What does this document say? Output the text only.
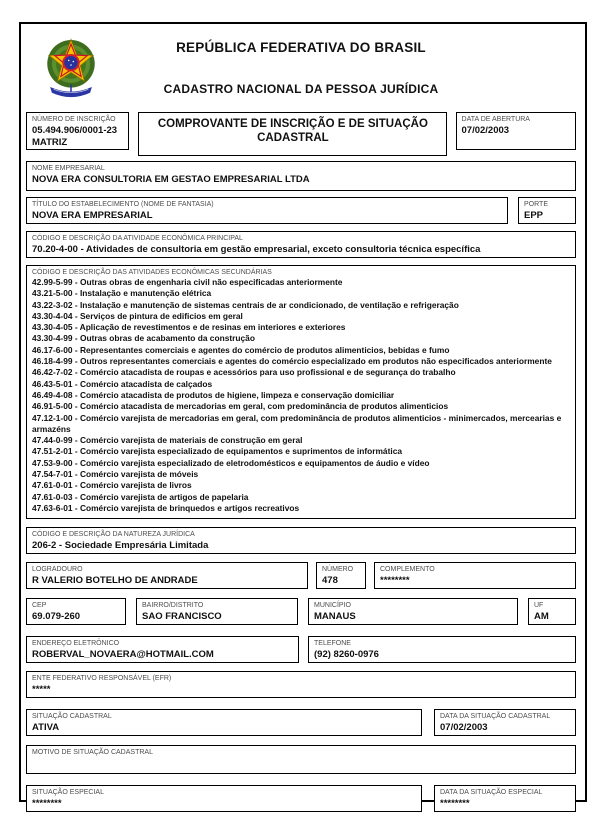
REPÚBLICA FEDERATIVA DO BRASIL
CADASTRO NACIONAL DA PESSOA JURÍDICA
NÚMERO DE INSCRIÇÃO
05.494.906/0001-23
MATRIZ
COMPROVANTE DE INSCRIÇÃO E DE SITUAÇÃO CADASTRAL
DATA DE ABERTURA
07/02/2003
NOME EMPRESARIAL
NOVA ERA CONSULTORIA EM GESTAO EMPRESARIAL LTDA
TÍTULO DO ESTABELECIMENTO (NOME DE FANTASIA)
NOVA ERA EMPRESARIAL
PORTE
EPP
CÓDIGO E DESCRIÇÃO DA ATIVIDADE ECONÔMICA PRINCIPAL
70.20-4-00 - Atividades de consultoria em gestão empresarial, exceto consultoria técnica específica
CÓDIGO E DESCRIÇÃO DAS ATIVIDADES ECONÔMICAS SECUNDÁRIAS
42.99-5-99 - Outras obras de engenharia civil não especificadas anteriormente
43.21-5-00 - Instalação e manutenção elétrica
43.22-3-02 - Instalação e manutenção de sistemas centrais de ar condicionado, de ventilação e refrigeração
43.30-4-04 - Serviços de pintura de edificios em geral
43.30-4-05 - Aplicação de revestimentos e de resinas em interiores e exteriores
43.30-4-99 - Outras obras de acabamento da construção
46.17-6-00 - Representantes comerciais e agentes do comércio de produtos alimenticios, bebidas e fumo
46.18-4-99 - Outros representantes comerciais e agentes do comércio especializado em produtos não especificados anteriormente
46.42-7-02 - Comércio atacadista de roupas e acessórios para uso profissional e de segurança do trabalho
46.43-5-01 - Comércio atacadista de calçados
46.49-4-08 - Comércio atacadista de produtos de higiene, limpeza e conservação domiciliar
46.91-5-00 - Comércio atacadista de mercadorias em geral, com predominância de produtos alimenticios
47.12-1-00 - Comércio varejista de mercadorias em geral, com predominância de produtos alimenticios - minimercados, mercearias e armazéns
47.44-0-99 - Comércio varejista de materiais de construção em geral
47.51-2-01 - Comércio varejista especializado de equipamentos e suprimentos de informática
47.53-9-00 - Comércio varejista especializado de eletrodomésticos e equipamentos de áudio e vídeo
47.54-7-01 - Comércio varejista de móveis
47.61-0-01 - Comércio varejista de livros
47.61-0-03 - Comércio varejista de artigos de papelaria
47.63-6-01 - Comércio varejista de brinquedos e artigos recreativos
CÓDIGO E DESCRIÇÃO DA NATUREZA JURÍDICA
206-2 - Sociedade Empresária Limitada
LOGRADOURO
R VALERIO BOTELHO DE ANDRADE
NÚMERO
478
COMPLEMENTO
********
CEP
69.079-260
BAIRRO/DISTRITO
SAO FRANCISCO
MUNICÍPIO
MANAUS
UF
AM
ENDEREÇO ELETRÔNICO
ROBERVAL_NOVAERA@HOTMAIL.COM
TELEFONE
(92) 8260-0976
ENTE FEDERATIVO RESPONSÁVEL (EFR)
*****
SITUAÇÃO CADASTRAL
ATIVA
DATA DA SITUAÇÃO CADASTRAL
07/02/2003
MOTIVO DE SITUAÇÃO CADASTRAL
SITUAÇÃO ESPECIAL
********
DATA DA SITUAÇÃO ESPECIAL
********
